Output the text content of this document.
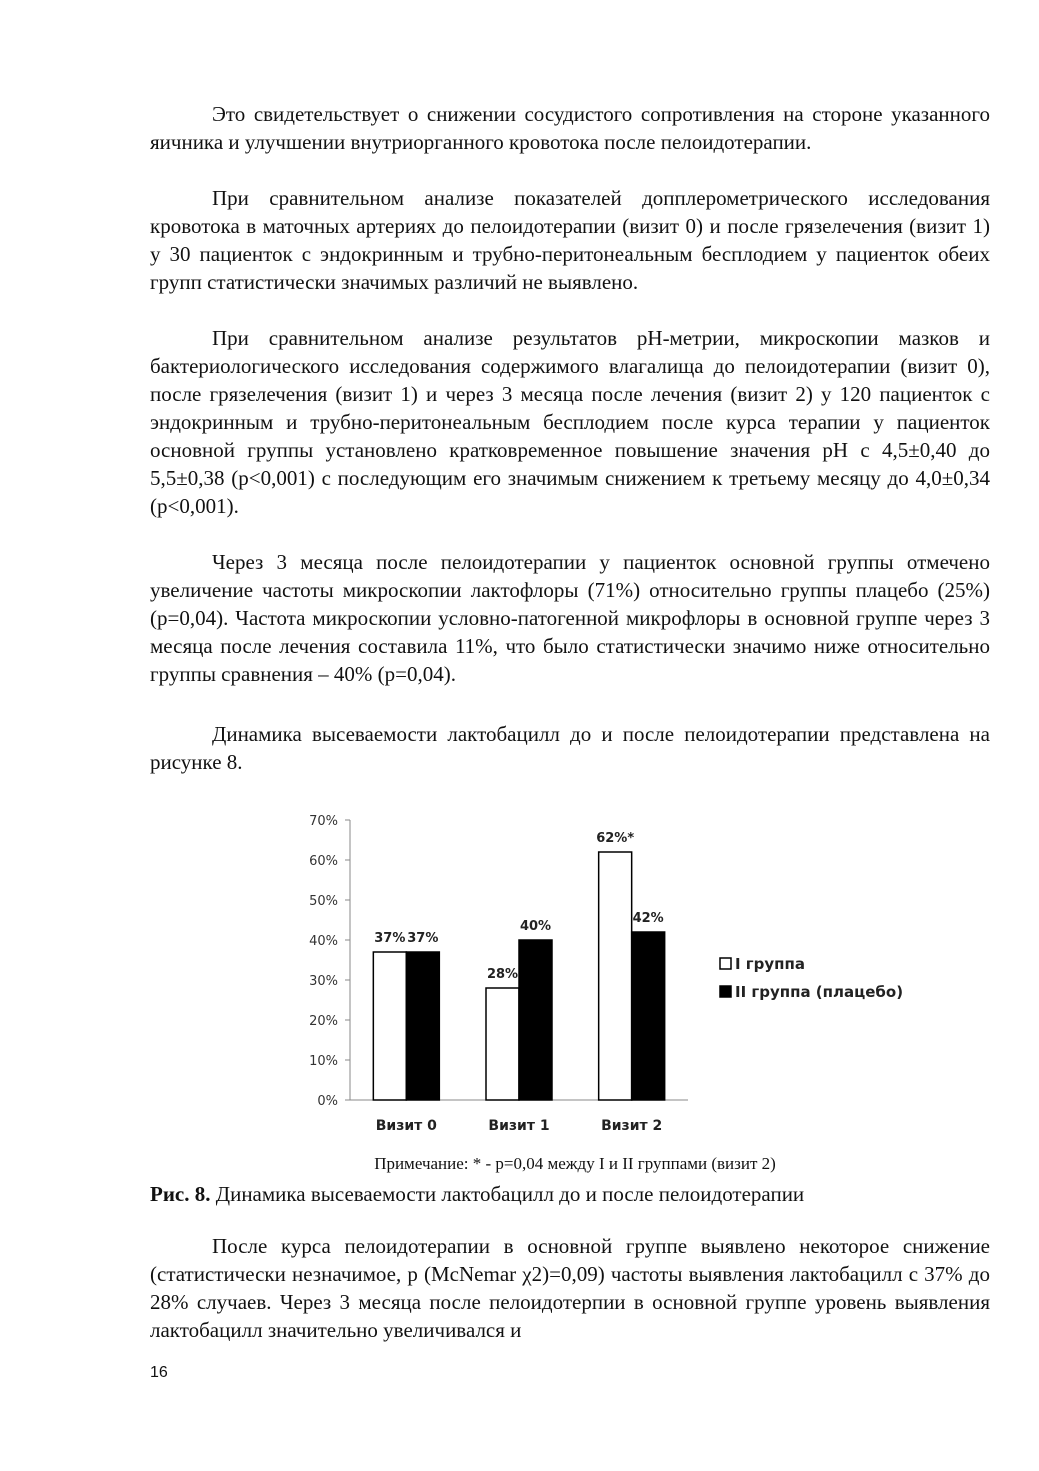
Это свидетельствует о снижении сосудистого сопротивления на стороне указанного яичника и улучшении внутриорганного кровотока после пелоидотерапии.

При сравнительном анализе показателей допплерометрического исследования кровотока в маточных артериях до пелоидотерапии (визит 0) и после грязелечения (визит 1) у 30 пациенток с эндокринным и трубно-перитонеальным бесплодием у пациенток обеих групп статистически значимых различий не выявлено.

При сравнительном анализе результатов рН-метрии, микроскопии мазков и бактериологического исследования содержимого влагалища до пелоидотерапии (визит 0), после грязелечения (визит 1) и через 3 месяца после лечения (визит 2) у 120 пациенток с эндокринным и трубно-перитонеальным бесплодием после курса терапии у пациенток основной группы установлено кратковременное повышение значения рН с 4,5±0,40 до 5,5±0,38 (р<0,001) с последующим его значимым снижением к третьему месяцу до 4,0±0,34 (р<0,001).

Через 3 месяца после пелоидотерапии у пациенток основной группы отмечено увеличение частоты микроскопии лактофлоры (71%) относительно группы плацебо (25%) (р=0,04). Частота микроскопии условно-патогенной микрофлоры в основной группе через 3 месяца после лечения составила 11%, что было статистически значимо ниже относительно группы сравнения – 40% (р=0,04).

Динамика высеваемости лактобацилл до и после пелоидотерапии представлена на рисунке 8.

0%
10%
20%
30%
40%
50%
60%
70%
37% 37%
Визит 0
28%
40%
Визит 1
62%*
42%
Визит 2
I группа
II группа (плацебо)

Примечание: * - р=0,04 между I и II группами (визит 2)

Рис. 8. Динамика высеваемости лактобацилл до и после пелоидотерапии

После курса пелоидотерапии в основной группе выявлено некоторое снижение (статистически незначимое, р (McNemar χ2)=0,09) частоты выявления лактобацилл с 37% до 28% случаев. Через 3 месяца после пелоидотерпии в основной группе уровень выявления лактобацилл значительно увеличивался и

16
